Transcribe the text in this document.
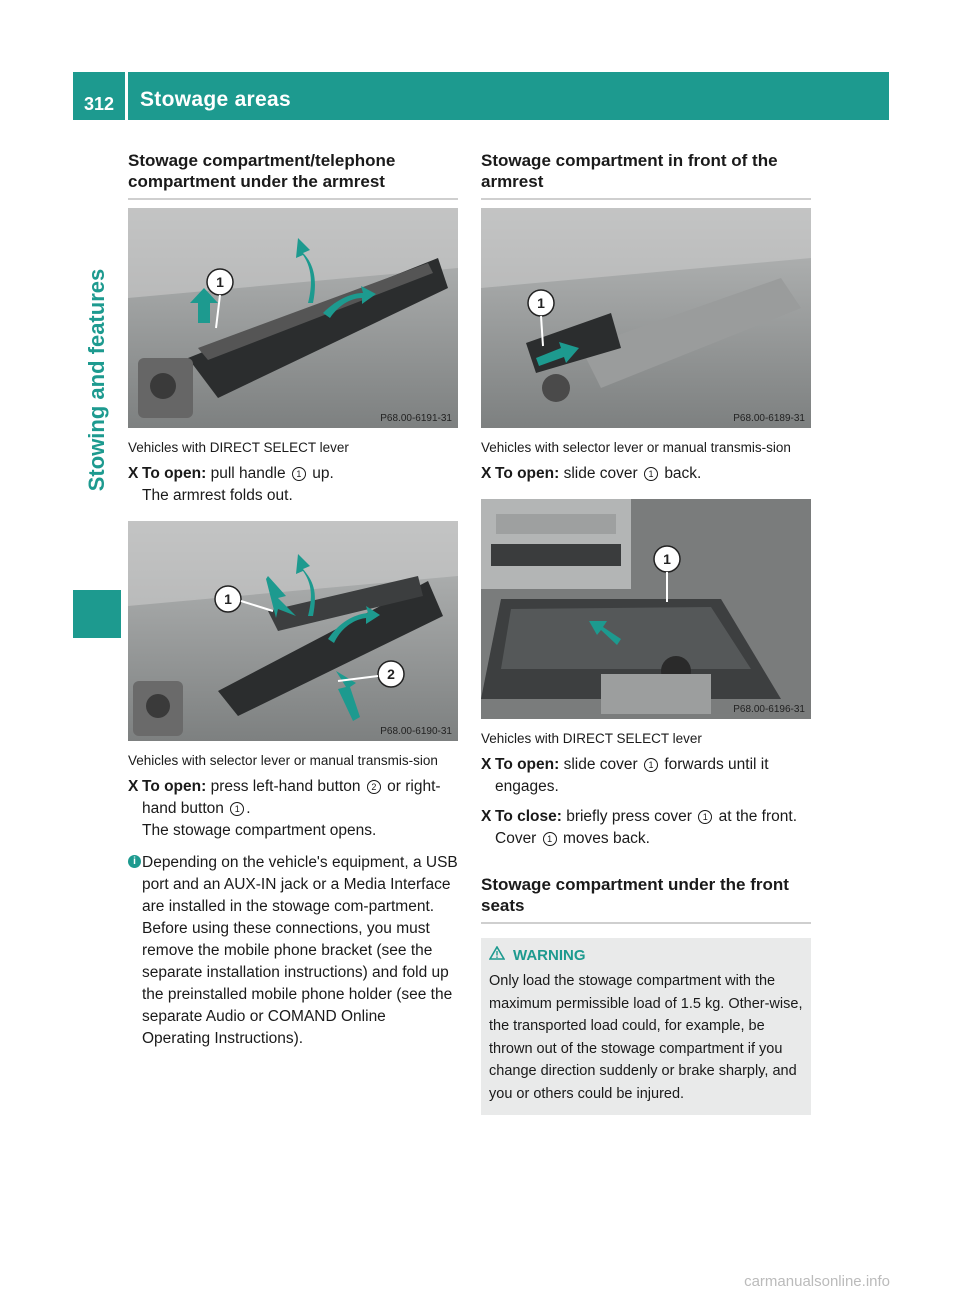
312	Stowage areas
Stowing and features
Stowage compartment/telephone compartment under the armrest
1
P68.00-6191-31
Vehicles with DIRECT SELECT lever
X To open: pull handle 1 up.
The armrest folds out.
1
2
P68.00-6190-31
Vehicles with selector lever or manual transmis-sion
X To open: press left-hand button 2 or right-hand button 1 .
The stowage compartment opens.
i Depending on the vehicle's equipment, a USB port and an AUX-IN jack or a Media Interface are installed in the stowage com-partment.
Before using these connections, you must remove the mobile phone bracket (see the separate installation instructions) and fold up the preinstalled mobile phone holder (see the separate Audio or COMAND Online Operating Instructions).
Stowage compartment in front of the armrest
1
P68.00-6189-31
Vehicles with selector lever or manual transmis-sion
X To open: slide cover 1 back.
1
P68.00-6196-31
Vehicles with DIRECT SELECT lever
X To open: slide cover 1 forwards until it engages.
X To close: briefly press cover 1 at the front.
Cover 1 moves back.
Stowage compartment under the front seats
WARNING
Only load the stowage compartment with the maximum permissible load of 1.5 kg. Other-wise, the transported load could, for example, be thrown out of the stowage compartment if you change direction suddenly or brake sharply, and you or others could be injured.
carmanualsonline.info
